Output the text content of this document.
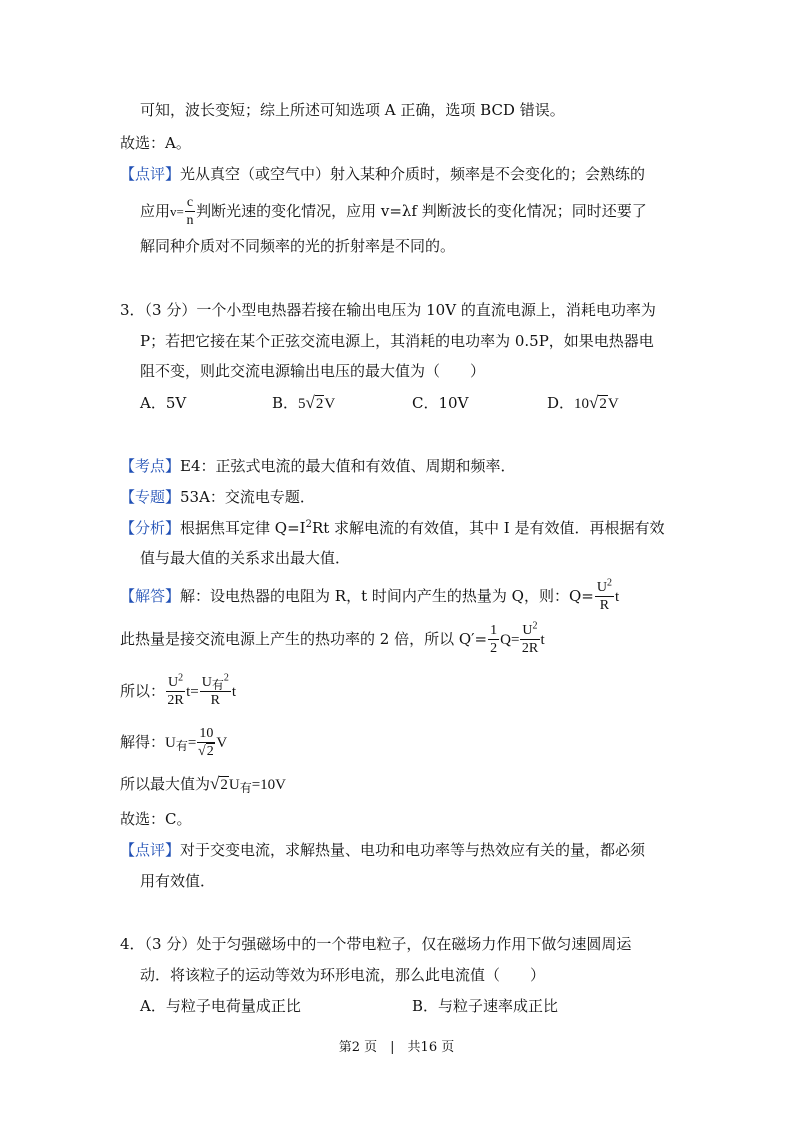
可知，波长变短；综上所述可知选项 A 正确，选项 BCD 错误。
故选：A。
【点评】光从真空（或空气中）射入某种介质时，频率是不会变化的；会熟练的
应用$v= \frac{c}{n}$ 判断光速的变化情况，应用 v=λf 判断波长的变化情况；同时还要了
解同种介质对不同频率的光的折射率是不同的。
3．（3 分）一个小型电热器若接在输出电压为 10V 的直流电源上，消耗电功率为
P；若把它接在某个正弦交流电源上，其消耗的电功率为 0.5P，如果电热器电
阻不变，则此交流电源输出电压的最大值为（　　）
A．5V	B．5√2V	C．10V	D．10√2V
【考点】E4：正弦式电流的最大值和有效值、周期和频率．
【专题】53A：交流电专题．
【分析】根据焦耳定律 $Q=I^2Rt$ 求解电流的有效值，其中 I 是有效值．再根据有效
值与最大值的关系求出最大值．
【解答】解：设电热器的电阻为 R，t 时间内产生的热量为 Q，则：$Q= \frac{U^2}{R}$ t
此热量是接交流电源上产生的热功率的 2 倍，所以 $Q'= \frac{1}{2} Q= \frac{U^2}{2R}$ t
所以： $\frac{U^2}{2R} t= \frac{U有^2}{R}$ t
解得：$U_有= \frac{10}{√2}$ V
所以最大值为$√2U_有=10V$
故选：C。
【点评】对于交变电流，求解热量、电功和电功率等与热效应有关的量，都必须
用有效值．
4．（3 分）处于匀强磁场中的一个带电粒子，仅在磁场力作用下做匀速圆周运
动．将该粒子的运动等效为环形电流，那么此电流值（　　）
A．与粒子电荷量成正比	B．与粒子速率成正比
第2 页　|　共16 页
